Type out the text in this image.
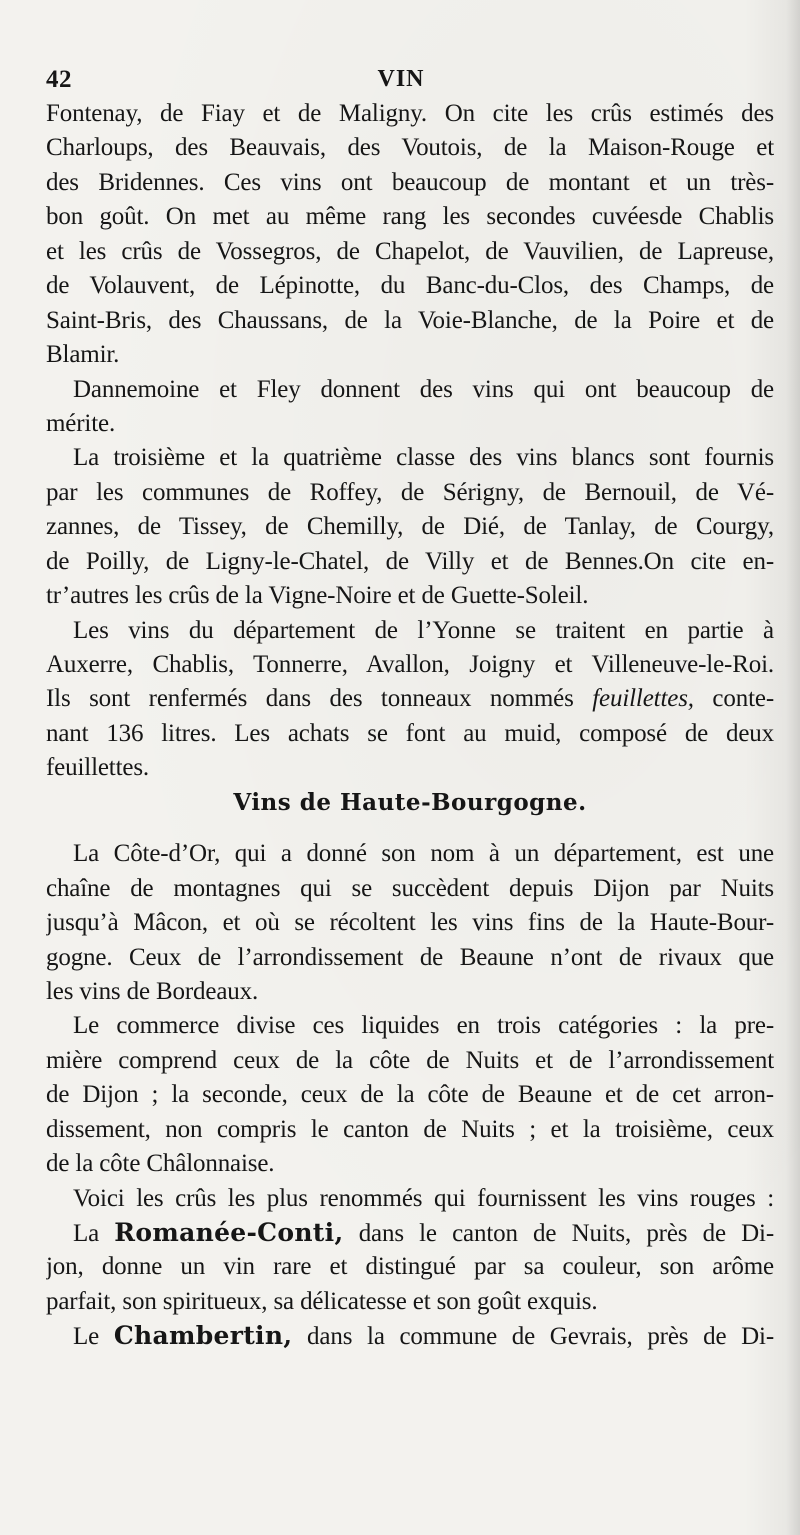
42	VIN
Fontenay, de Fiay et de Maligny. On cite les crûs estimés des
Charloups, des Beauvais, des Voutois, de la Maison-Rouge et
des Bridennes. Ces vins ont beaucoup de montant et un très-
bon goût. On met au même rang les secondes cuvéesde Chablis
et les crûs de Vossegros, de Chapelot, de Vauvilien, de Lapreuse,
de Volauvent, de Lépinotte, du Banc-du-Clos, des Champs, de
Saint-Bris, des Chaussans, de la Voie-Blanche, de la Poire et de
Blamir.
Dannemoine et Fley donnent des vins qui ont beaucoup de
mérite.
La troisième et la quatrième classe des vins blancs sont fournis
par les communes de Roffey, de Sérigny, de Bernouil, de Vé-
zannes, de Tissey, de Chemilly, de Dié, de Tanlay, de Courgy,
de Poilly, de Ligny-le-Chatel, de Villy et de Bennes.On cite en-
tr’autres les crûs de la Vigne-Noire et de Guette-Soleil.
Les vins du département de l’Yonne se traitent en partie à
Auxerre, Chablis, Tonnerre, Avallon, Joigny et Villeneuve-le-Roi.
Ils sont renfermés dans des tonneaux nommés feuillettes, conte-
nant 136 litres. Les achats se font au muid, composé de deux
feuillettes.
Vins de Haute-Bourgogne.
La Côte-d’Or, qui a donné son nom à un département, est une
chaîne de montagnes qui se succèdent depuis Dijon par Nuits
jusqu’à Mâcon, et où se récoltent les vins fins de la Haute-Bour-
gogne. Ceux de l’arrondissement de Beaune n’ont de rivaux que
les vins de Bordeaux.
Le commerce divise ces liquides en trois catégories : la pre-
mière comprend ceux de la côte de Nuits et de l’arrondissement
de Dijon ; la seconde, ceux de la côte de Beaune et de cet arron-
dissement, non compris le canton de Nuits ; et la troisième, ceux
de la côte Châlonnaise.
Voici les crûs les plus renommés qui fournissent les vins rouges :
La Romanée-Conti, dans le canton de Nuits, près de Di-
jon, donne un vin rare et distingué par sa couleur, son arôme
parfait, son spiritueux, sa délicatesse et son goût exquis.
Le Chambertin, dans la commune de Gevrais, près de Di-
